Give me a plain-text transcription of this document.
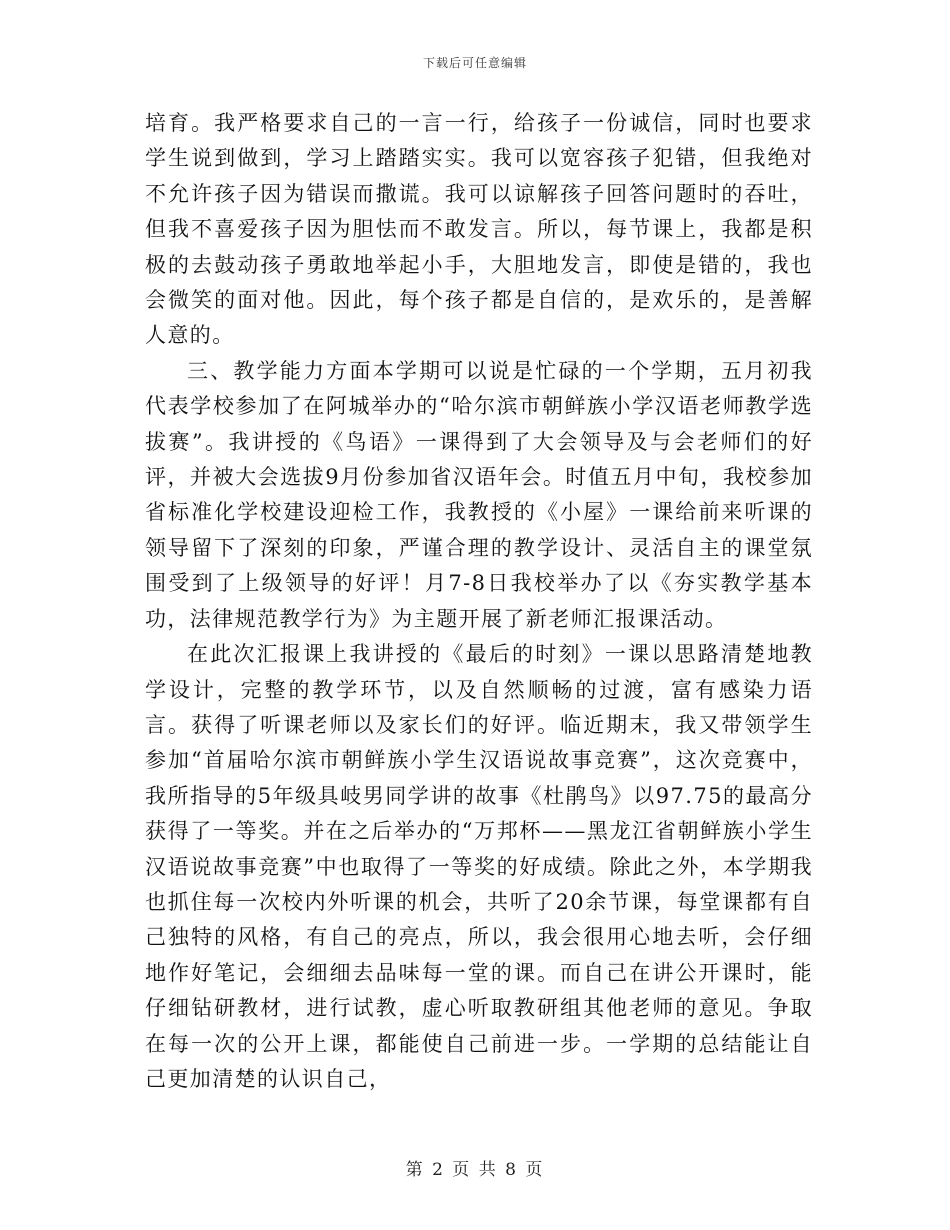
下载后可任意编辑

培育。我严格要求自己的一言一行，给孩子一份诚信，同时也要求学生说到做到，学习上踏踏实实。我可以宽容孩子犯错，但我绝对不允许孩子因为错误而撒谎。我可以谅解孩子回答问题时的吞吐，但我不喜爱孩子因为胆怯而不敢发言。所以，每节课上，我都是积极的去鼓动孩子勇敢地举起小手，大胆地发言，即使是错的，我也会微笑的面对他。因此，每个孩子都是自信的，是欢乐的，是善解人意的。

三、教学能力方面本学期可以说是忙碌的一个学期，五月初我代表学校参加了在阿城举办的“哈尔滨市朝鲜族小学汉语老师教学选拔赛”。我讲授的《鸟语》一课得到了大会领导及与会老师们的好评，并被大会选拔9月份参加省汉语年会。时值五月中旬，我校参加省标准化学校建设迎检工作，我教授的《小屋》一课给前来听课的领导留下了深刻的印象，严谨合理的教学设计、灵活自主的课堂氛围受到了上级领导的好评！月7-8日我校举办了以《夯实教学基本功，法律规范教学行为》为主题开展了新老师汇报课活动。

在此次汇报课上我讲授的《最后的时刻》一课以思路清楚地教学设计，完整的教学环节，以及自然顺畅的过渡，富有感染力语言。获得了听课老师以及家长们的好评。临近期末，我又带领学生参加“首届哈尔滨市朝鲜族小学生汉语说故事竞赛”，这次竞赛中，我所指导的5年级具岐男同学讲的故事《杜鹃鸟》以97.75的最高分获得了一等奖。并在之后举办的“万邦杯——黑龙江省朝鲜族小学生汉语说故事竞赛”中也取得了一等奖的好成绩。除此之外，本学期我也抓住每一次校内外听课的机会，共听了20余节课，每堂课都有自己独特的风格，有自己的亮点，所以，我会很用心地去听，会仔细地作好笔记，会细细去品味每一堂的课。而自己在讲公开课时，能仔细钻研教材，进行试教，虚心听取教研组其他老师的意见。争取在每一次的公开上课，都能使自己前进一步。一学期的总结能让自己更加清楚的认识自己，

第 2 页 共 8 页
